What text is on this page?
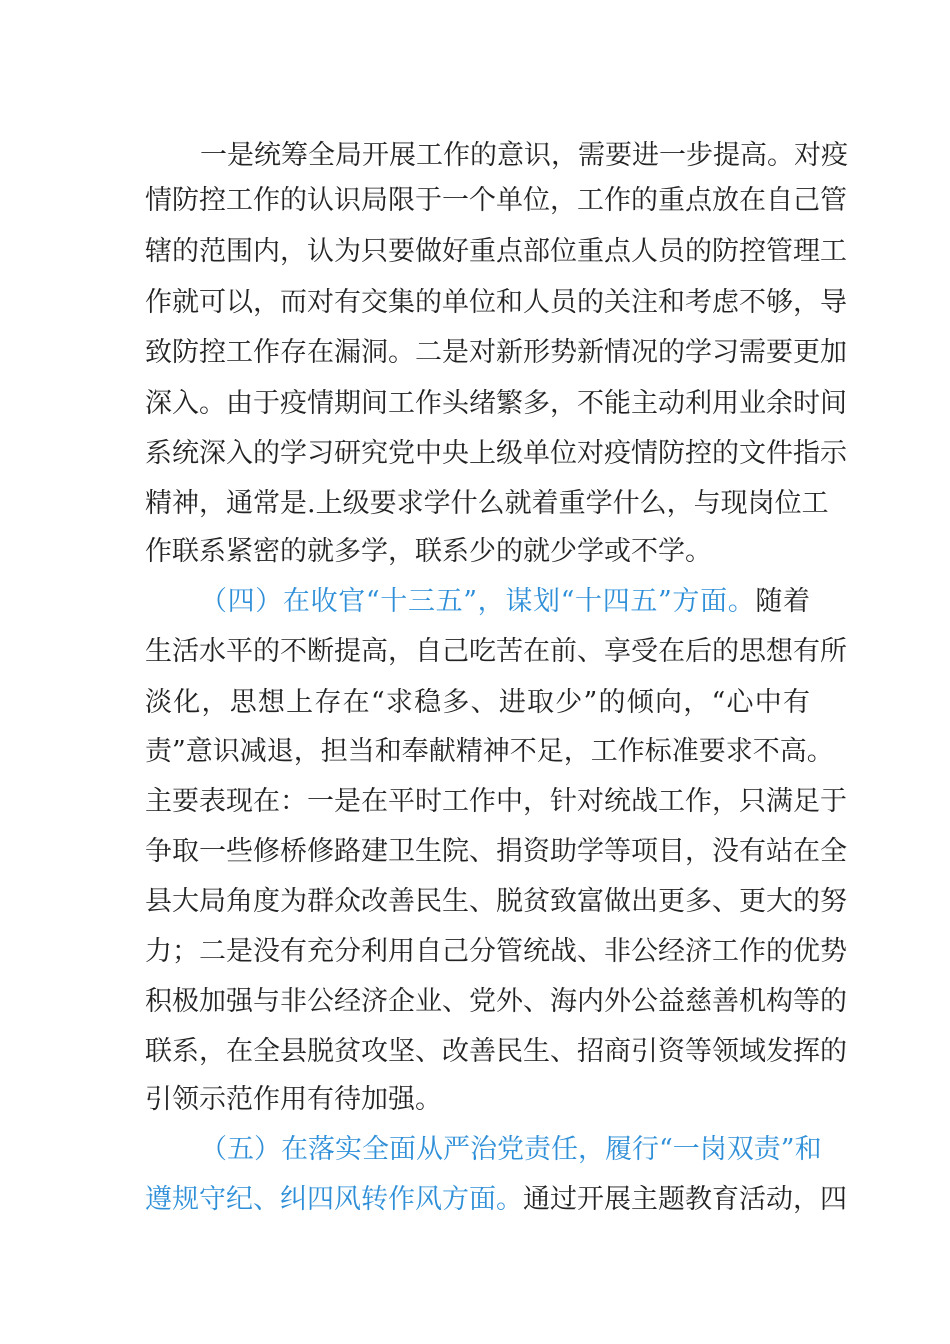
一是统筹全局开展工作的意识，需要进一步提高。对疫
情防控工作的认识局限于一个单位，工作的重点放在自己管
辖的范围内，认为只要做好重点部位重点人员的防控管理工
作就可以，而对有交集的单位和人员的关注和考虑不够，导
致防控工作存在漏洞。二是对新形势新情况的学习需要更加
深入。由于疫情期间工作头绪繁多，不能主动利用业余时间
系统深入的学习研究党中央上级单位对疫情防控的文件指示
精神，通常是.上级要求学什么就着重学什么，与现岗位工
作联系紧密的就多学，联系少的就少学或不学。
（四）在收官“十三五”，谋划“十四五”方面。随着
生活水平的不断提高，自己吃苦在前、享受在后的思想有所
淡化，思想上存在“求稳多、进取少”的倾向，“心中有
责”意识减退，担当和奉献精神不足，工作标准要求不高。
主要表现在：一是在平时工作中，针对统战工作，只满足于
争取一些修桥修路建卫生院、捐资助学等项目，没有站在全
县大局角度为群众改善民生、脱贫致富做出更多、更大的努
力；二是没有充分利用自己分管统战、非公经济工作的优势
积极加强与非公经济企业、党外、海内外公益慈善机构等的
联系，在全县脱贫攻坚、改善民生、招商引资等领域发挥的
引领示范作用有待加强。
（五）在落实全面从严治党责任，履行“一岗双责”和
遵规守纪、纠四风转作风方面。通过开展主题教育活动，四
